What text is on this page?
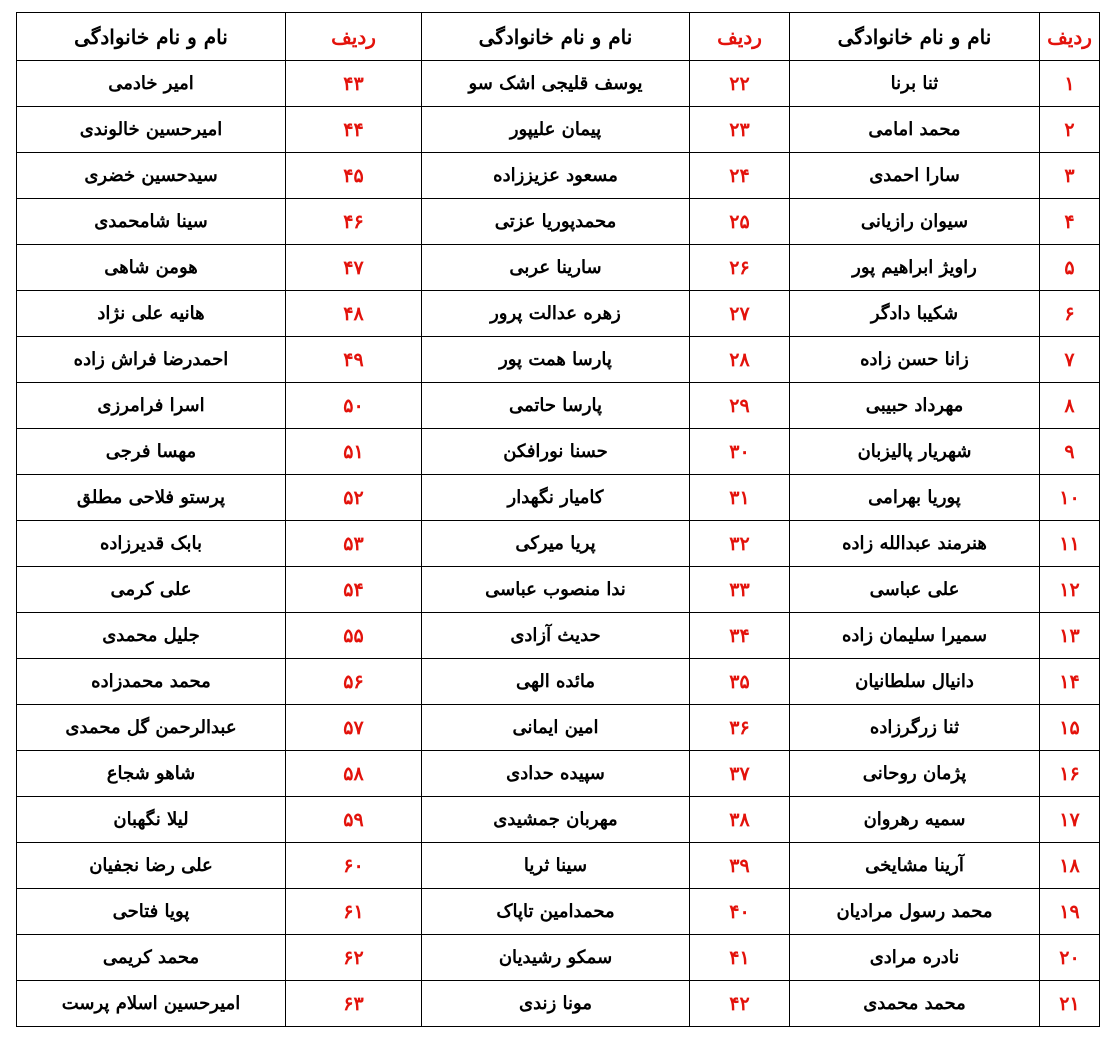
ردیف	نام و نام خانوادگی	ردیف	نام و نام خانوادگی	ردیف	نام و نام خانوادگی
۱	ثنا برنا	۲۲	یوسف قلیجی اشک سو	۴۳	امیر خادمی
۲	محمد امامی	۲۳	پیمان علیپور	۴۴	امیرحسین خالوندی
۳	سارا احمدی	۲۴	مسعود عزیززاده	۴۵	سیدحسین خضری
۴	سیوان رازیانی	۲۵	محمدپوریا عزتی	۴۶	سینا شامحمدی
۵	راویژ ابراهیم پور	۲۶	سارینا عربی	۴۷	هومن شاهی
۶	شکیبا دادگر	۲۷	زهره عدالت پرور	۴۸	هانیه علی نژاد
۷	زانا حسن زاده	۲۸	پارسا همت پور	۴۹	احمدرضا فراش زاده
۸	مهرداد حبیبی	۲۹	پارسا حاتمی	۵۰	اسرا فرامرزی
۹	شهریار پالیزبان	۳۰	حسنا نورافکن	۵۱	مهسا فرجی
۱۰	پوریا بهرامی	۳۱	کامیار نگهدار	۵۲	پرستو فلاحی مطلق
۱۱	هنرمند عبدالله زاده	۳۲	پریا میرکی	۵۳	بابک قدیرزاده
۱۲	علی عباسی	۳۳	ندا منصوب عباسی	۵۴	علی کرمی
۱۳	سمیرا سلیمان زاده	۳۴	حدیث آزادی	۵۵	جلیل محمدی
۱۴	دانیال سلطانیان	۳۵	مائده الهی	۵۶	محمد محمدزاده
۱۵	ثنا زرگرزاده	۳۶	امین ایمانی	۵۷	عبدالرحمن گل محمدی
۱۶	پژمان روحانی	۳۷	سپیده حدادی	۵۸	شاهو شجاع
۱۷	سمیه رهروان	۳۸	مهربان جمشیدی	۵۹	لیلا نگهبان
۱۸	آرینا مشایخی	۳۹	سینا ثریا	۶۰	علی رضا نجفیان
۱۹	محمد رسول مرادیان	۴۰	محمدامین تاپاک	۶۱	پویا فتاحی
۲۰	نادره مرادی	۴۱	سمکو رشیدیان	۶۲	محمد کریمی
۲۱	محمد محمدی	۴۲	مونا زندی	۶۳	امیرحسین اسلام پرست
